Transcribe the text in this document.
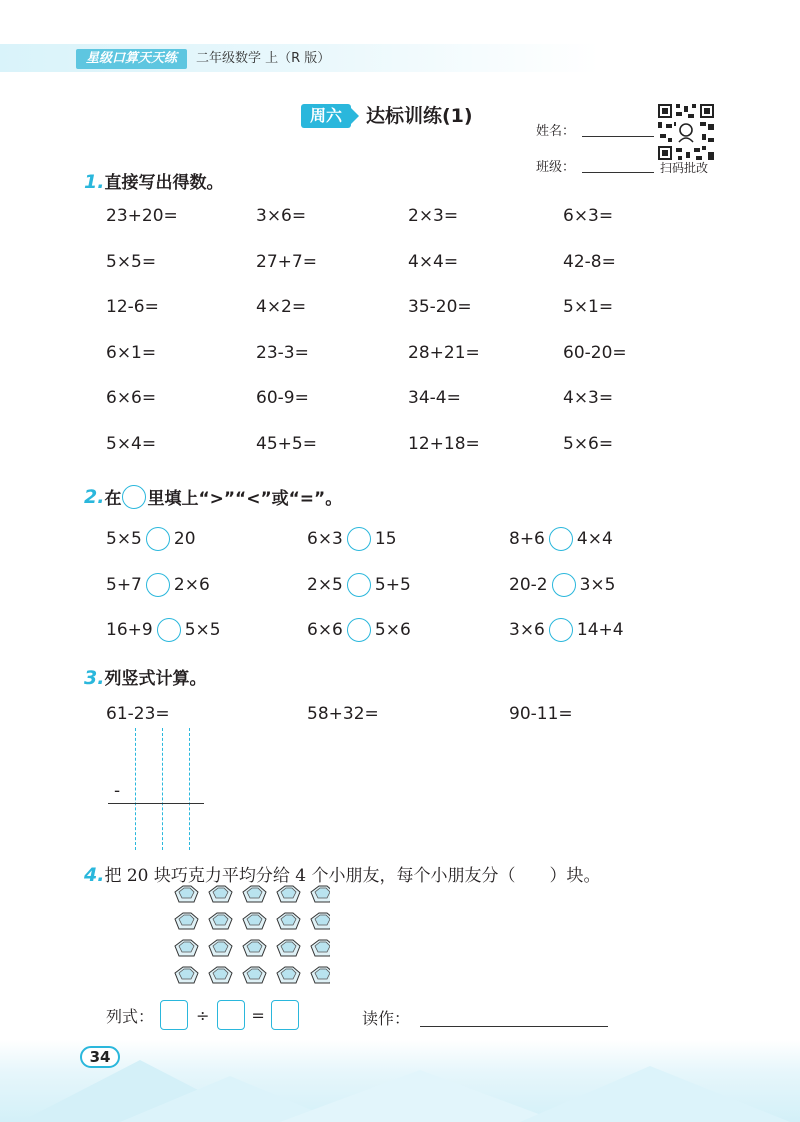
星级口算天天练	二年级数学 上（R 版）
周六	达标训练(1)
姓名：
班级：	扫码批改
1.直接写出得数。
23+20=	3×6=	2×3=	6×3=
5×5=	27+7=	4×4=	42-8=
12-6=	4×2=	35-20=	5×1=
6×1=	23-3=	28+21=	60-20=
6×6=	60-9=	34-4=	4×3=
5×4=	45+5=	12+18=	5×6=
2. 在 里填上“>”“<”或“=”。
5×5 20	6×3 15	8+6 4×4
5+7 2×6	2×5 5+5	20-2 3×5
16+9 5×5	6×6 5×6	3×6 14+4
3.列竖式计算。
61-23=	58+32=	90-11=
-
4.把 20 块巧克力平均分给 4 个小朋友，每个小朋友分（　　）块。
列式：	÷	=	读作：
34
